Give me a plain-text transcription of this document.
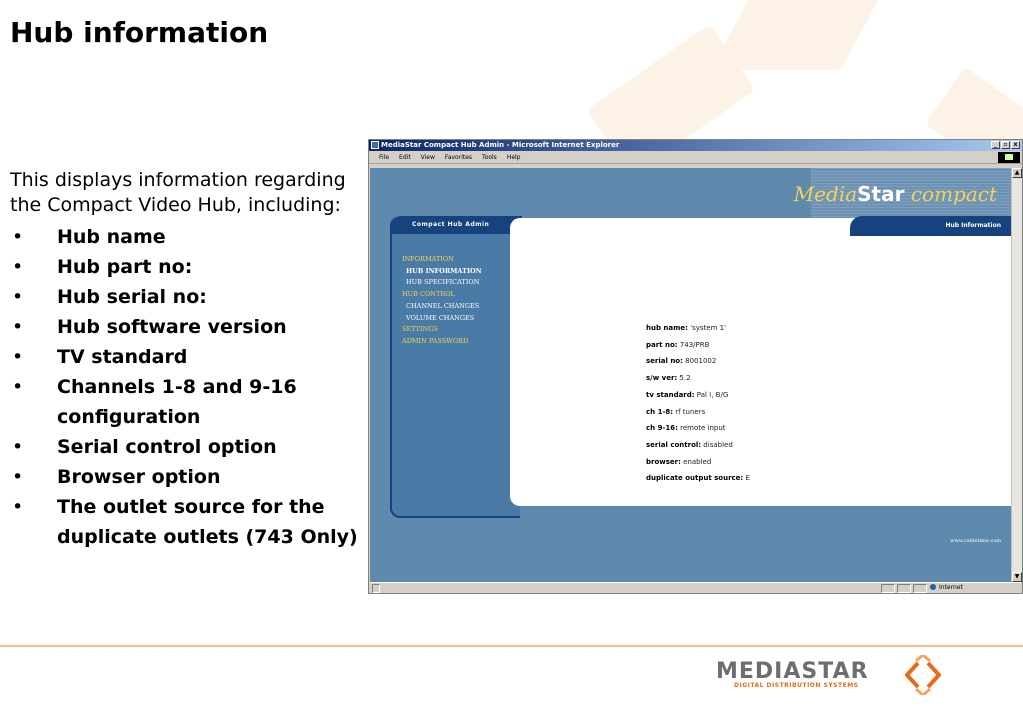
Hub information

This displays information regarding the Compact Video Hub, including:

• Hub name
• Hub part no:
• Hub serial no:
• Hub software version
• TV standard
• Channels 1-8 and 9-16 configuration
• Serial control option
• Browser option
• The outlet source for the duplicate outlets (743 Only)
MediaStar Compact Hub Admin - Microsoft Internet Explorer	_	▫	x
File Edit View Favorites Tools Help
MediaStar compact
Compact Hub Admin
INFORMATION
HUB INFORMATION
HUB SPECIFICATION
HUB CONTROL
CHANNEL CHANGES
VOLUME CHANGES
SETTINGS
ADMIN PASSWORD
Hub Information
hub name: 'system 1'
part no: 743/PRB
serial no: 8001002
s/w ver: 5.2
tv standard: Pal I, B/G
ch 1-8: rf tuners
ch 9-16: remote input
serial control: disabled
browser: enabled
duplicate output source: E
www.cabletime.com
▲
▼
Internet
MEDIASTAR
DIGITAL DISTRIBUTION SYSTEMS
